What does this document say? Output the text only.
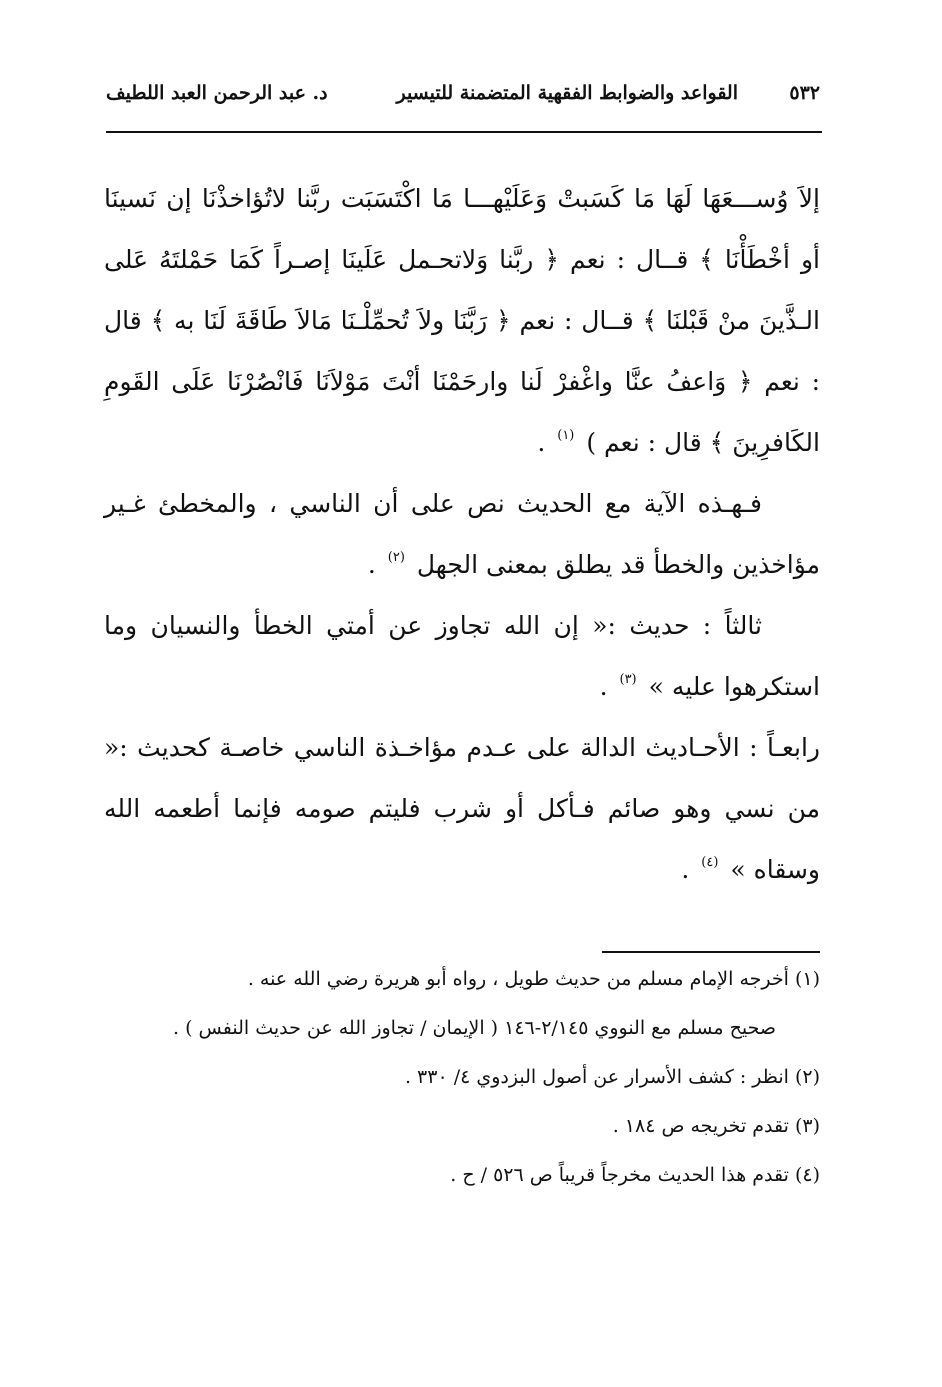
٥٣٢
القواعد والضوابط الفقهية المتضمنة للتيسير
د. عبد الرحمن العبد اللطيف

إلاَ وُســـعَهَا لَهَا مَا كَسَبتْ وَعَلَيْهـــا مَا اكْتَسَبَت ربَّنا لاتُؤاخذْنَا إن نَسينَا أو أخْطَأْنَا ﴾ قــال : نعم ﴿ ربَّنا وَلاتحـمل عَلَينَا إصـراً كَمَا حَمْلتَهُ عَلى الـذَّينَ منْ قَبْلنَا ﴾ قــال : نعم ﴿ رَبَّنَا ولاَ تُحمِّلْـنَا مَالاَ طَاقَةَ لَنَا به ﴾ قال : نعم ﴿ وَاعفُ عنَّا واغْفرْ لَنا وارحَمْنَا أنْتَ مَوْلاَنَا فَانْصُرْنَا عَلَى القَومِ الكَافرِينَ ﴾ قال : نعم ) $^{(١)}$ .

فـهـذه الآية مع الحديث نص على أن الناسي ، والمخطئ غـير مؤاخذين والخطأ قد يطلق بمعنى الجهل $^{(٢)}$ .

ثالثاً : حديث :« إن الله تجاوز عن أمتي الخطأ والنسيان وما استكرهوا عليه » $^{(٣)}$ .

رابعـاً : الأحـاديث الدالة على عـدم مؤاخـذة الناسي خاصـة كحديث :« من نسي وهو صائم فـأكل أو شرب فليتم صومه فإنما أطعمه الله وسقاه » $^{(٤)}$ .

(١) أخرجه الإمام مسلم من حديث طويل ، رواه أبو هريرة رضي الله عنه .

صحيح مسلم مع النووي ٢/١٤٥-١٤٦ ( الإيمان / تجاوز الله عن حديث النفس ) .

(٢) انظر : كشف الأسرار عن أصول البزدوي ٤/ ٣٣٠ .

(٣) تقدم تخريجه ص ١٨٤ .

(٤) تقدم هذا الحديث مخرجاً قريباً ص ٥٢٦ / ح .
